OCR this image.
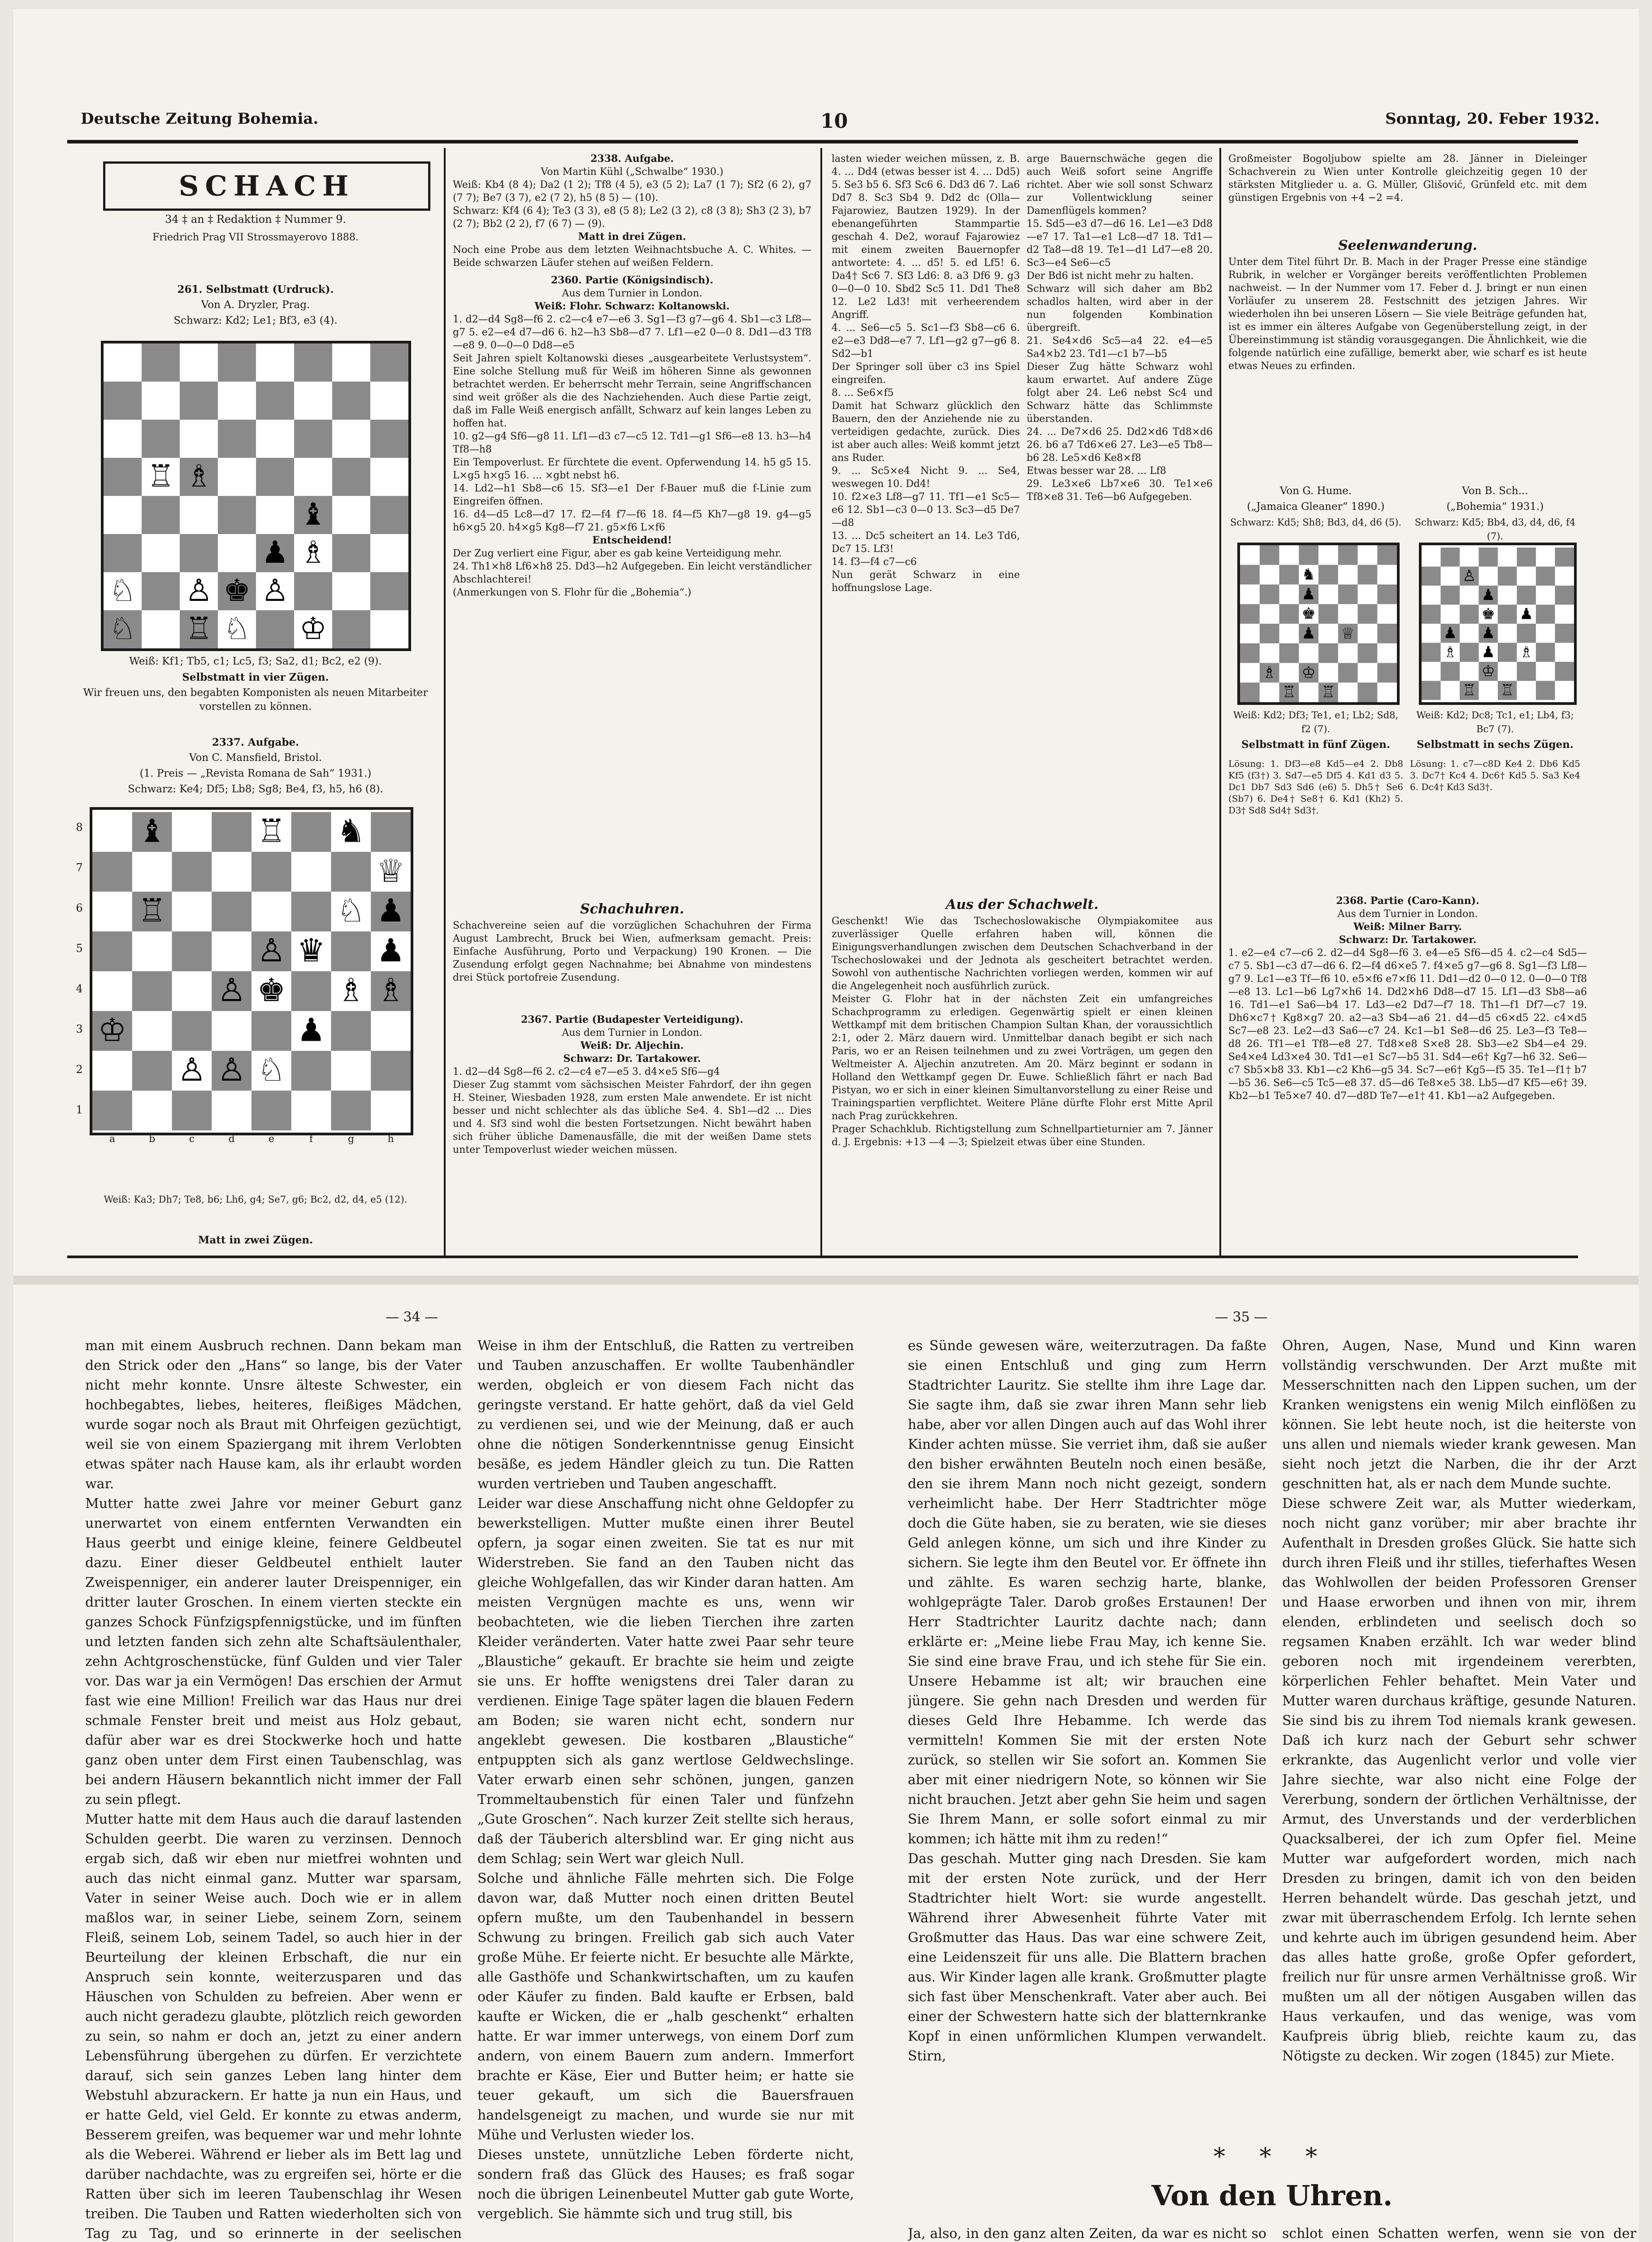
Deutsche Zeitung Bohemia.	10	Sonntag, 20. Feber 1932.
SCHACH
34 ‡ an ‡ Redaktion ‡ Nummer 9.
Friedrich Prag VII Strossmayerovo 1888.
261. Selbstmatt (Urdruck).
Von A. Dryzler, Prag.
Schwarz: Kd2; Le1; Bf3, e3 (4).
Weiß: Kf1; Tb5, c1; Lc5, f3; Sa2, d1; Bc2, e2 (9).
Selbstmatt in vier Zügen.
Wir freuen uns, den begabten Komponisten als neuen Mitarbeiter vorstellen zu können.
2337. Aufgabe.
Von C. Mansfield, Bristol.
(1. Preis — „Revista Romana de Sah“ 1931.)
Schwarz: Ke4; Df5; Lb8; Sg8; Be4, f3, h5, h6 (8).
8
7
6
5
4
3
2
1
a	b	c	d	e	f	g	h
Weiß: Ka3; Dh7; Te8, b6; Lh6, g4; Se7, g6; Bc2, d2, d4, e5 (12).
Matt in zwei Zügen.
2338. Aufgabe.
Von Martin Kühl („Schwalbe“ 1930.)
Weiß: Kb4 (8 4); Da2 (1 2); Tf8 (4 5), e3 (5 2); La7 (1 7); Sf2 (6 2), g7 (7 7); Be7 (3 7), e2 (7 2), h5 (8 5) — (10).
Schwarz: Kf4 (6 4); Te3 (3 3), e8 (5 8); Le2 (3 2), c8 (3 8); Sh3 (2 3), b7 (2 7); Bb2 (2 2), f7 (6 7) — (9).
Matt in drei Zügen.
Noch eine Probe aus dem letzten Weihnachtsbuche A. C. Whites. — Beide schwarzen Läufer stehen auf weißen Feldern.
2360. Partie (Königsindisch).
Aus dem Turnier in London.
Weiß: Flohr. Schwarz: Koltanowski.
1. d2—d4 Sg8—f6 2. c2—c4 e7—e6 3. Sg1—f3 g7—g6 4. Sb1—c3 Lf8—g7 5. e2—e4 d7—d6 6. h2—h3 Sb8—d7 7. Lf1—e2 0—0 8. Dd1—d3 Tf8—e8 9. 0—0—0 Dd8—e5
Seit Jahren spielt Koltanowski dieses „ausgearbeitete Verlustsystem“. Eine solche Stellung muß für Weiß im höheren Sinne als gewonnen betrachtet werden. Er beherrscht mehr Terrain, seine Angriffschancen sind weit größer als die des Nachziehenden. Auch diese Partie zeigt, daß im Falle Weiß energisch anfällt, Schwarz auf kein langes Leben zu hoffen hat.
10. g2—g4 Sf6—g8 11. Lf1—d3 c7—c5 12. Td1—g1 Sf6—e8 13. h3—h4 Tf8—h8
Ein Tempoverlust. Er fürchtete die event. Opferwendung 14. h5 g5 15. L×g5 h×g5 16. ... ×gbt nebst h6.
14. Ld2—h1 Sb8—c6 15. Sf3—e1 Der f-Bauer muß die f-Linie zum Eingreifen öffnen.
16. d4—d5 Lc8—d7 17. f2—f4 f7—f6 18. f4—f5 Kh7—g8 19. g4—g5 h6×g5 20. h4×g5 Kg8—f7 21. g5×f6 L×f6
Entscheidend!
Der Zug verliert eine Figur, aber es gab keine Verteidigung mehr.
24. Th1×h8 Lf6×h8 25. Dd3—h2 Aufgegeben. Ein leicht verständlicher Abschlachterei!
(Anmerkungen von S. Flohr für die „Bohemia“.)
Schachuhren.
Schachvereine seien auf die vorzüglichen Schachuhren der Firma August Lambrecht, Bruck bei Wien, aufmerksam gemacht. Preis: Einfache Ausführung, Porto und Verpackung) 190 Kronen. — Die Zusendung erfolgt gegen Nachnahme; bei Abnahme von mindestens drei Stück portofreie Zusendung.
2367. Partie (Budapester Verteidigung).
Aus dem Turnier in London.
Weiß: Dr. Aljechin.
Schwarz: Dr. Tartakower.
1. d2—d4 Sg8—f6 2. c2—c4 e7—e5 3. d4×e5 Sf6—g4
Dieser Zug stammt vom sächsischen Meister Fahrdorf, der ihn gegen H. Steiner, Wiesbaden 1928, zum ersten Male anwendete. Er ist nicht besser und nicht schlechter als das übliche Se4. 4. Sb1—d2 ... Dies und 4. Sf3 sind wohl die besten Fortsetzungen. Nicht bewährt haben sich früher übliche Damenausfälle, die mit der weißen Dame stets unter Tempoverlust wieder weichen müssen.
lasten wieder weichen müssen, z. B. 4. ... Dd4 (etwas besser ist 4. ... Dd5) 5. Se3 b5 6. Sf3 Sc6 6. Dd3 d6 7. La6 Dd7 8. Sc3 Sb4 9. Dd2 dc (Olla—Fajarowiez, Bautzen 1929). In der ebenangeführten Stammpartie geschah 4. De2, worauf Fajarowiez mit einem zweiten Bauernopfer antwortete: 4. ... d5! 5. ed Lf5! 6. Da4† Sc6 7. Sf3 Ld6: 8. a3 Df6 9. g3 0—0—0 10. Sbd2 Sc5 11. Dd1 The8 12. Le2 Ld3! mit verheerendem Angriff.
4. ... Se6—c5 5. Sc1—f3 Sb8—c6 6. e2—e3 Dd8—e7 7. Lf1—g2 g7—g6 8. Sd2—b1
Der Springer soll über c3 ins Spiel eingreifen.
8. ... Se6×f5
Damit hat Schwarz glücklich den Bauern, den der Anziehende nie zu verteidigen gedachte, zurück. Dies ist aber auch alles: Weiß kommt jetzt ans Ruder.
9. ... Sc5×e4 Nicht 9. ... Se4, weswegen 10. Dd4!
10. f2×e3 Lf8—g7 11. Tf1—e1 Sc5—e6 12. Sb1—c3 0—0 13. Sc3—d5 De7—d8
13. ... Dc5 scheitert an 14. Le3 Td6, Dc7 15. Lf3!
14. f3—f4 c7—c6
Nun gerät Schwarz in eine hoffnungslose Lage.
arge Bauernschwäche gegen die auch Weiß sofort seine Angriffe richtet. Aber wie soll sonst Schwarz zur Vollentwicklung seiner Damenflügels kommen?
15. Sd5—e3 d7—d6 16. Le1—e3 Dd8—e7 17. Ta1—e1 Lc8—d7 18. Td1—d2 Ta8—d8 19. Te1—d1 Ld7—e8 20. Sc3—e4 Se6—c5
Der Bd6 ist nicht mehr zu halten.
Schwarz will sich daher am Bb2 schadlos halten, wird aber in der nun folgenden Kombination übergreift.
21. Se4×d6 Sc5—a4 22. e4—e5 Sa4×b2 23. Td1—c1 b7—b5
Dieser Zug hätte Schwarz wohl kaum erwartet. Auf andere Züge folgt aber 24. Le6 nebst Sc4 und Schwarz hätte das Schlimmste überstanden.
24. ... De7×d6 25. Dd2×d6 Td8×d6 26. b6 a7 Td6×e6 27. Le3—e5 Tb8—b6 28. Le5×d6 Ke8×f8
Etwas besser war 28. ... Lf8
29. Le3×e6 Lb7×e6 30. Te1×e6 Tf8×e8 31. Te6—b6 Aufgegeben.
Aus der Schachwelt.
Geschenkt! Wie das Tschechoslowakische Olympiakomitee aus zuverlässiger Quelle erfahren haben will, können die Einigungsverhandlungen zwischen dem Deutschen Schachverband in der Tschechoslowakei und der Jednota als gescheitert betrachtet werden. Sowohl von authentische Nachrichten vorliegen werden, kommen wir auf die Angelegenheit noch ausführlich zurück.
Meister G. Flohr hat in der nächsten Zeit ein umfangreiches Schachprogramm zu erledigen. Gegenwärtig spielt er einen kleinen Wettkampf mit dem britischen Champion Sultan Khan, der voraussichtlich 2:1, oder 2. März dauern wird. Unmittelbar danach begibt er sich nach Paris, wo er an Reisen teilnehmen und zu zwei Vorträgen, um gegen den Weltmeister A. Aljechin anzutreten. Am 20. März beginnt er sodann in Holland den Wettkampf gegen Dr. Euwe. Schließlich fährt er nach Bad Pistyan, wo er sich in einer kleinen Simultanvorstellung zu einer Reise und Trainingspartien verpflichtet. Weitere Pläne dürfte Flohr erst Mitte April nach Prag zurückkehren.
Prager Schachklub. Richtigstellung zum Schnellpartieturnier am 7. Jänner d. J. Ergebnis: +13 —4 —3; Spielzeit etwas über eine Stunden.
Großmeister Bogoljubow spielte am 28. Jänner in Dieleinger Schachverein zu Wien unter Kontrolle gleichzeitig gegen 10 der stärksten Mitglieder u. a. G. Müller, Glišović, Grünfeld etc. mit dem günstigen Ergebnis von +4 −2 =4.
Seelenwanderung.
Unter dem Titel führt Dr. B. Mach in der Prager Presse eine ständige Rubrik, in welcher er Vorgänger bereits veröffentlichten Problemen nachweist. — In der Nummer vom 17. Feber d. J. bringt er nun einen Vorläufer zu unserem 28. Festschnitt des jetzigen Jahres. Wir wiederholen ihn bei unseren Lösern — Sie viele Beiträge gefunden hat, ist es immer ein älteres Aufgabe von Gegenüberstellung zeigt, in der Übereinstimmung ist ständig vorausgegangen. Die Ähnlichkeit, wie die folgende natürlich eine zufällige, bemerkt aber, wie scharf es ist heute etwas Neues zu erfinden.
Von G. Hume.
(„Jamaica Gleaner“ 1890.)
Schwarz: Kd5; Sh8; Bd3, d4, d6 (5).
Weiß: Kd2; Df3; Te1, e1; Lb2; Sd8, f2 (7).
Selbstmatt in fünf Zügen.
Lösung: 1. Df3—e8 Kd5—e4 2. Db8 Kf5 (f3†) 3. Sd7—e5 Df5 4. Kd1 d3 5. Dc1 Db7 Sd3 Sd6 (e6) 5. Dh5† Se6 (Sb7) 6. De4† Se8† 6. Kd1 (Kh2) 5. D3† Sd8 Sd4† Sd3†.
Von B. Sch...
(„Bohemia“ 1931.)
Schwarz: Kd5; Bb4, d3, d4, d6, f4 (7).
Weiß: Kd2; Dc8; Tc1, e1; Lb4, f3; Bc7 (7).
Selbstmatt in sechs Zügen.
Lösung: 1. c7—c8D Ke4 2. Db6 Kd5 3. Dc7† Kc4 4. Dc6† Kd5 5. Sa3 Ke4 6. Dc4† Kd3 Sd3†.
2368. Partie (Caro-Kann).
Aus dem Turnier in London.
Weiß: Milner Barry.
Schwarz: Dr. Tartakower.
1. e2—e4 c7—c6 2. d2—d4 Sg8—f6 3. e4—e5 Sf6—d5 4. c2—c4 Sd5—c7 5. Sb1—c3 d7—d6 6. f2—f4 d6×e5 7. f4×e5 g7—g6 8. Sg1—f3 Lf8—g7 9. Lc1—e3 Tf—f6 10. e5×f6 e7×f6 11. Dd1—d2 0—0 12. 0—0—0 Tf8—e8 13. Lc1—b6 Lg7×h6 14. Dd2×h6 Dd8—d7 15. Lf1—d3 Sb8—a6 16. Td1—e1 Sa6—b4 17. Ld3—e2 Dd7—f7 18. Th1—f1 Df7—c7 19. Dh6×c7† Kg8×g7 20. a2—a3 Sb4—a6 21. d4—d5 c6×d5 22. c4×d5 Sc7—e8 23. Le2—d3 Sa6—c7 24. Kc1—b1 Se8—d6 25. Le3—f3 Te8—d8 26. Tf1—e1 Tf8—e8 27. Td8×e8 S×e8 28. Sb3—e2 Sb4—e4 29. Se4×e4 Ld3×e4 30. Td1—e1 Sc7—b5 31. Sd4—e6† Kg7—h6 32. Se6—c7 Sb5×b8 33. Kb1—c2 Kh6—g5 34. Sc7—e6† Kg5—f5 35. Te1—f1† b7—b5 36. Se6—c5 Tc5—e8 37. d5—d6 Te8×e5 38. Lb5—d7 Kf5—e6† 39. Kb2—b1 Te5×e7 40. d7—d8D Te7—e1† 41. Kb1—a2 Aufgegeben.
— 34 —	— 35 —
man mit einem Ausbruch rechnen. Dann bekam man den Strick oder den „Hans“ so lange, bis der Vater nicht mehr konnte. Unsre älteste Schwester, ein hochbegabtes, liebes, heiteres, fleißiges Mädchen, wurde sogar noch als Braut mit Ohrfeigen gezüchtigt, weil sie von einem Spaziergang mit ihrem Verlobten etwas später nach Hause kam, als ihr erlaubt worden war.
Mutter hatte zwei Jahre vor meiner Geburt ganz unerwartet von einem entfernten Verwandten ein Haus geerbt und einige kleine, feinere Geldbeutel dazu. Einer dieser Geldbeutel enthielt lauter Zweispenniger, ein anderer lauter Dreispenniger, ein dritter lauter Groschen. In einem vierten steckte ein ganzes Schock Fünfzigspfennigstücke, und im fünften und letzten fanden sich zehn alte Schaftsäulenthaler, zehn Achtgroschenstücke, fünf Gulden und vier Taler vor. Das war ja ein Vermögen! Das erschien der Armut fast wie eine Million! Freilich war das Haus nur drei schmale Fenster breit und meist aus Holz gebaut, dafür aber war es drei Stockwerke hoch und hatte ganz oben unter dem First einen Taubenschlag, was bei andern Häusern bekanntlich nicht immer der Fall zu sein pflegt.
Mutter hatte mit dem Haus auch die darauf lastenden Schulden geerbt. Die waren zu verzinsen. Dennoch ergab sich, daß wir eben nur mietfrei wohnten und auch das nicht einmal ganz. Mutter war sparsam, Vater in seiner Weise auch. Doch wie er in allem maßlos war, in seiner Liebe, seinem Zorn, seinem Fleiß, seinem Lob, seinem Tadel, so auch hier in der Beurteilung der kleinen Erbschaft, die nur ein Anspruch sein konnte, weiterzusparen und das Häuschen von Schulden zu befreien. Aber wenn er auch nicht geradezu glaubte, plötzlich reich geworden zu sein, so nahm er doch an, jetzt zu einer andern Lebensführung übergehen zu dürfen. Er verzichtete darauf, sich sein ganzes Leben lang hinter dem Webstuhl abzurackern. Er hatte ja nun ein Haus, und er hatte Geld, viel Geld. Er konnte zu etwas anderm, Besserem greifen, was bequemer war und mehr lohnte als die Weberei. Während er lieber als im Bett lag und darüber nachdachte, was zu ergreifen sei, hörte er die Ratten über sich im leeren Taubenschlag ihr Wesen treiben. Die Tauben und Ratten wiederholten sich von Tag zu Tag, und so erinnerte in der seelischen
Weise in ihm der Entschluß, die Ratten zu vertreiben und Tauben anzuschaffen. Er wollte Taubenhändler werden, obgleich er von diesem Fach nicht das geringste verstand. Er hatte gehört, daß da viel Geld zu verdienen sei, und wie der Meinung, daß er auch ohne die nötigen Sonderkenntnisse genug Einsicht besäße, es jedem Händler gleich zu tun. Die Ratten wurden vertrieben und Tauben angeschafft.
Leider war diese Anschaffung nicht ohne Geldopfer zu bewerkstelligen. Mutter mußte einen ihrer Beutel opfern, ja sogar einen zweiten. Sie tat es nur mit Widerstreben. Sie fand an den Tauben nicht das gleiche Wohlgefallen, das wir Kinder daran hatten. Am meisten Vergnügen machte es uns, wenn wir beobachteten, wie die lieben Tierchen ihre zarten Kleider veränderten. Vater hatte zwei Paar sehr teure „Blaustiche“ gekauft. Er brachte sie heim und zeigte sie uns. Er hoffte wenigstens drei Taler daran zu verdienen. Einige Tage später lagen die blauen Federn am Boden; sie waren nicht echt, sondern nur angeklebt gewesen. Die kostbaren „Blaustiche“ entpuppten sich als ganz wertlose Geldwechslinge. Vater erwarb einen sehr schönen, jungen, ganzen Trommeltaubenstich für einen Taler und fünfzehn „Gute Groschen“. Nach kurzer Zeit stellte sich heraus, daß der Täuberich altersblind war. Er ging nicht aus dem Schlag; sein Wert war gleich Null.
Solche und ähnliche Fälle mehrten sich. Die Folge davon war, daß Mutter noch einen dritten Beutel opfern mußte, um den Taubenhandel in bessern Schwung zu bringen. Freilich gab sich auch Vater große Mühe. Er feierte nicht. Er besuchte alle Märkte, alle Gasthöfe und Schankwirtschaften, um zu kaufen oder Käufer zu finden. Bald kaufte er Erbsen, bald kaufte er Wicken, die er „halb geschenkt“ erhalten hatte. Er war immer unterwegs, von einem Dorf zum andern, von einem Bauern zum andern. Immerfort brachte er Käse, Eier und Butter heim; er hatte sie teuer gekauft, um sich die Bauersfrauen handelsgeneigt zu machen, und wurde sie nur mit Mühe und Verlusten wieder los.
Dieses unstete, unnützliche Leben förderte nicht, sondern fraß das Glück des Hauses; es fraß sogar noch die übrigen Leinenbeutel Mutter gab gute Worte, vergeblich. Sie hämmte sich und trug still, bis
es Sünde gewesen wäre, weiterzutragen. Da faßte sie einen Entschluß und ging zum Herrn Stadtrichter Lauritz. Sie stellte ihm ihre Lage dar. Sie sagte ihm, daß sie zwar ihren Mann sehr lieb habe, aber vor allen Dingen auch auf das Wohl ihrer Kinder achten müsse. Sie verriet ihm, daß sie außer den bisher erwähnten Beuteln noch einen besäße, den sie ihrem Mann noch nicht gezeigt, sondern verheimlicht habe. Der Herr Stadtrichter möge doch die Güte haben, sie zu beraten, wie sie dieses Geld anlegen könne, um sich und ihre Kinder zu sichern. Sie legte ihm den Beutel vor. Er öffnete ihn und zählte. Es waren sechzig harte, blanke, wohlgeprägte Taler. Darob großes Erstaunen! Der Herr Stadtrichter Lauritz dachte nach; dann erklärte er: „Meine liebe Frau May, ich kenne Sie. Sie sind eine brave Frau, und ich stehe für Sie ein. Unsere Hebamme ist alt; wir brauchen eine jüngere. Sie gehn nach Dresden und werden für dieses Geld Ihre Hebamme. Ich werde das vermitteln! Kommen Sie mit der ersten Note zurück, so stellen wir Sie sofort an. Kommen Sie aber mit einer niedrigern Note, so können wir Sie nicht brauchen. Jetzt aber gehn Sie heim und sagen Sie Ihrem Mann, er solle sofort einmal zu mir kommen; ich hätte mit ihm zu reden!“
Das geschah. Mutter ging nach Dresden. Sie kam mit der ersten Note zurück, und der Herr Stadtrichter hielt Wort: sie wurde angestellt. Während ihrer Abwesenheit führte Vater mit Großmutter das Haus. Das war eine schwere Zeit, eine Leidenszeit für uns alle. Die Blattern brachen aus. Wir Kinder lagen alle krank. Großmutter plagte sich fast über Menschenkraft. Vater aber auch. Bei einer der Schwestern hatte sich der blatternkranke Kopf in einen unförmlichen Klumpen verwandelt. Stirn,
Ohren, Augen, Nase, Mund und Kinn waren vollständig verschwunden. Der Arzt mußte mit Messerschnitten nach den Lippen suchen, um der Kranken wenigstens ein wenig Milch einflößen zu können. Sie lebt heute noch, ist die heiterste von uns allen und niemals wieder krank gewesen. Man sieht noch jetzt die Narben, die ihr der Arzt geschnitten hat, als er nach dem Munde suchte.
Diese schwere Zeit war, als Mutter wiederkam, noch nicht ganz vorüber; mir aber brachte ihr Aufenthalt in Dresden großes Glück. Sie hatte sich durch ihren Fleiß und ihr stilles, tieferhaftes Wesen das Wohlwollen der beiden Professoren Grenser und Haase erworben und ihnen von mir, ihrem elenden, erblindeten und seelisch doch so regsamen Knaben erzählt. Ich war weder blind geboren noch mit irgendeinem vererbten, körperlichen Fehler behaftet. Mein Vater und Mutter waren durchaus kräftige, gesunde Naturen. Sie sind bis zu ihrem Tod niemals krank gewesen. Daß ich kurz nach der Geburt sehr schwer erkrankte, das Augenlicht verlor und volle vier Jahre siechte, war also nicht eine Folge der Vererbung, sondern der örtlichen Verhältnisse, der Armut, des Unverstands und der verderblichen Quacksalberei, der ich zum Opfer fiel. Meine Mutter war aufgefordert worden, mich nach Dresden zu bringen, damit ich von den beiden Herren behandelt würde. Das geschah jetzt, und zwar mit überraschendem Erfolg. Ich lernte sehen und kehrte auch im übrigen gesundend heim. Aber das alles hatte große, große Opfer gefordert, freilich nur für unsre armen Verhältnisse groß. Wir mußten um all der nötigen Ausgaben willen das Haus verkaufen, und das wenige, was vom Kaufpreis übrig blieb, reichte kaum zu, das Nötigste zu decken. Wir zogen (1845) zur Miete.
* * *
Von den Uhren.
Ja, also, in den ganz alten Zeiten, da war es nicht so schlot einen Schatten werfen, wenn sie von der
